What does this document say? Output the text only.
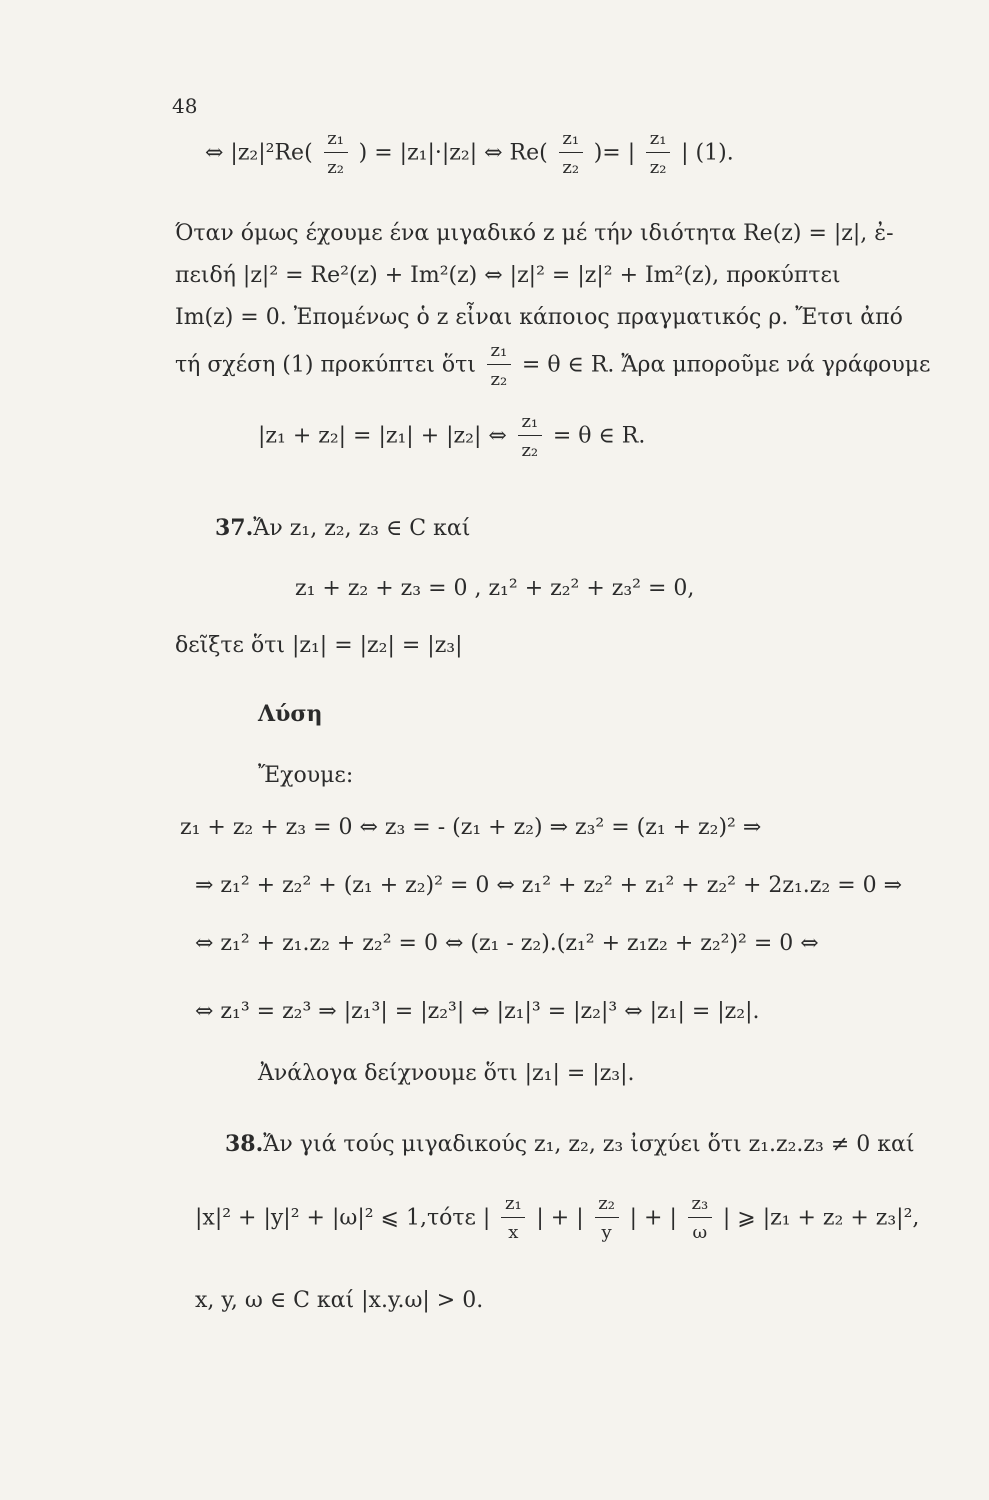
48
⇔ $|z_2|^2Re( \frac{\text{z₁}}{\text{z₂}}$ ) = |z₁|·|z₂| ⇔ $Re( \frac{\text{z₁}}{\text{z₂}}$ )= | $\frac{\text{z₁}}{\text{z₂}}$ | (1).
Όταν όμως έχουμε ένα μιγαδικό z μέ τήν ιδιότητα Re(z) = |z|, ἐ-
πειδή |z|² = Re²(z) + Im²(z) ⇔ |z|² = |z|² + Im²(z), προκύπτει
Im(z) = 0. Ἐπομένως ὁ z εἶναι κάποιος πραγματικός ρ. Ἔτσι ἀπό
τή σχέση (1) προκύπτει ὅτι $\frac{\text{z₁}}{\text{z₂}} = \theta$ ∈ R. Ἄρα μποροῦμε νά γράφουμε
|z₁ + z₂| = |z₁| + |z₂| ⇔ $\frac{\text{z₁}}{\text{z₂}} = \theta$ ∈ R.
37.Ἄν z₁, z₂, z₃ ∈ C καί
z₁ + z₂ + z₃ = 0 , z₁² + z₂² + z₃² = 0,
δεῖξτε ὅτι |z₁| = |z₂| = |z₃|
Λύση
Ἔχουμε:
z₁ + z₂ + z₃ = 0 ⇔ z₃ = - (z₁ + z₂) ⇒ z₃² = (z₁ + z₂)² ⇒
⇒ z₁² + z₂² + (z₁ + z₂)² = 0 ⇔ z₁² + z₂² + z₁² + z₂² + 2z₁.z₂ = 0 ⇒
⇔ z₁² + z₁.z₂ + z₂² = 0 ⇔ (z₁ - z₂).(z₁² + z₁z₂ + z₂²)² = 0 ⇔
⇔ z₁³ = z₂³ ⇒ |z₁³| = |z₂³| ⇔ |z₁|³ = |z₂|³ ⇔ |z₁| = |z₂|.
Ἀνάλογα δείχνουμε ὅτι |z₁| = |z₃|.
38.Ἄν γιά τούς μιγαδικούς z₁, z₂, z₃ ἰσχύει ὅτι z₁.z₂.z₃ ≠ 0 καί
|x|² + |y|² + |ω|² ⩽ 1,τότε | $\frac{\text{z₁}}{x}$ | + | $\frac{\text{z₂}}{y}$ | + | $\frac{\text{z₃}}{\omega}$ | ⩾ |z₁ + z₂ + z₃|²,
x, y, ω ∈ C καί |x.y.ω| > 0.
